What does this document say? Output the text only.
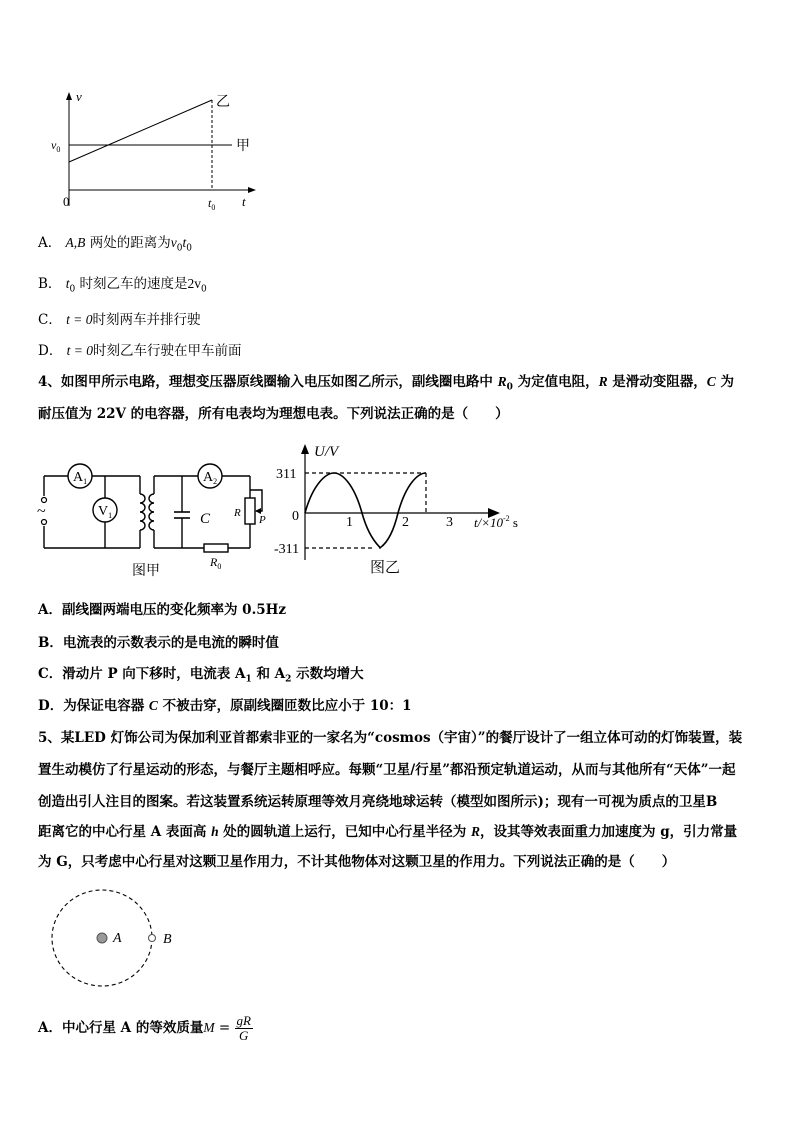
v
$v_0$
0	$t_0$ t
乙
甲
A． A,B 两处的距离为$v_0t_0$
B． $t_0$ 时刻乙车的速度是$2v_0$
C． t = 0时刻两车并排行驶
D． t = 0时刻乙车行驶在甲车前面
4、如图甲所示电路，理想变压器原线圈输入电压如图乙所示，副线圈电路中 $R_0$ 为定值电阻，R 是滑动变阻器，C 为
耐压值为 22V 的电容器，所有电表均为理想电表。下列说法正确的是（　　）
~
$A_1$	$A_2$
$V_1$	C R
P
$R_0$
图甲
U/V
311
0
-311
1	2	3 $t/\times 10^{-2}$ s
图乙
A．副线圈两端电压的变化频率为 0.5Hz
B．电流表的示数表示的是电流的瞬时值
C．滑动片 P 向下移时，电流表 $A_1$ 和 $A_2$ 示数均增大
D．为保证电容器 C 不被击穿，原副线圈匝数比应小于 10：1
5、某LED 灯饰公司为保加利亚首都索非亚的一家名为“cosmos（宇宙）”的餐厅设计了一组立体可动的灯饰装置，装
置生动模仿了行星运动的形态，与餐厅主题相呼应。每颗“卫星/行星”都沿预定轨道运动，从而与其他所有“天体”一起
创造出引人注目的图案。若这装置系统运转原理等效月亮绕地球运转（模型如图所示)；现有一可视为质点的卫星B
距离它的中心行星 A 表面高 h 处的圆轨道上运行，已知中心行星半径为 R，设其等效表面重力加速度为 g，引力常量
为 G，只考虑中心行星对这颗卫星作用力，不计其他物体对这颗卫星的作用力。下列说法正确的是（　　）
A	B
A．中心行星 A 的等效质量$M = \frac{gR}{G}$
